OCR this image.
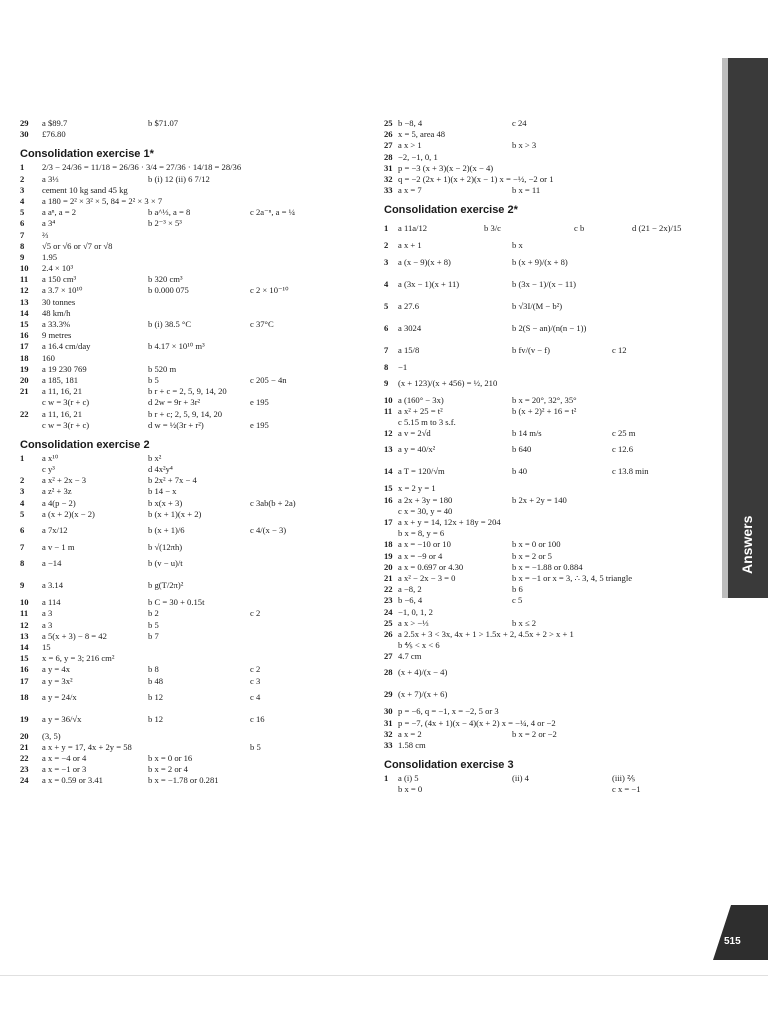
29	a $89.7	b $71.07
30	£76.80
Consolidation exercise 1*
1	2/3 − 24/36 = 11/18 = 26/36 · 3/4 = 27/36 · 14/18 = 28/36
2	a 3⅓	b (i) 12 (ii) 6 7/12
3	cement 10 kg sand 45 kg
4	a 180 = 2² × 3² × 5, 84 = 2² × 3 × 7
5	a aⁿ, a = 2	b a^⅓, a = 8	c 2a⁻ⁿ, a = ¼
6	a 3⁴	b 2⁻³ × 5³
7	⅔
8	√5 or √6 or √7 or √8
9	1.95
10	2.4 × 10³
11	a 150 cm³	b 320 cm³
12	a 3.7 × 10¹⁰	b 0.000 075	c 2 × 10⁻¹⁰
13	30 tonnes
14	48 km/h
15	a 33.3%	b (i) 38.5 °C	c 37°C
16	9 metres
17	a 16.4 cm/day	b 4.17 × 10¹⁰ m³
18	160
19	a 19 230 769	b 520 m
20	a 185, 181	b 5	c 205 − 4n
21	a 11, 16, 21	b r + c = 2, 5, 9, 14, 20
c w = 3(r + c)	d 2w = 9r + 3r²	e 195
22	a 11, 16, 21	b r + c; 2, 5, 9, 14, 20
c w = 3(r + c)	d w = ½(3r + r²)	e 195
Consolidation exercise 2
1	a x¹⁰	b x²
c y³	d 4x²y⁴
2	a x² + 2x − 3	b 2x² + 7x − 4
3	a z² + 3z	b 14 − x
4	a 4(p − 2)	b x(x + 3)	c 3ab(b + 2a)
5	a (x + 2)(x − 2)	b (x + 1)(x + 2)
6	a 7x/12	b (x + 1)/6	c 4/(x − 3)
7	a v − 1 m	b √(12πh)
8	a −14	b (v − u)/t
9	a 3.14	b g(T/2π)²
10	a 114	b C = 30 + 0.15t
11	a 3	b 2	c 2
12	a 3	b 5
13	a 5(x + 3) − 8 = 42	b 7
14	15
15	x = 6, y = 3; 216 cm²
16	a y = 4x	b 8	c 2
17	a y = 3x²	b 48	c 3
18	a y = 24/x	b 12	c 4
19	a y = 36/√x	b 12	c 16
20	(3, 5)
21	a x + y = 17, 4x + 2y = 58	b 5
22	a x = −4 or 4	b x = 0 or 16
23	a x = −1 or 3	b x = 2 or 4
24	a x = 0.59 or 3.41	b x = −1.78 or 0.281
25 b −8, 4	c 24
26 x = 5, area 48
27 a x > 1	b x > 3
28 −2, −1, 0, 1
31 p = −3 (x + 3)(x − 2)(x − 4)
32 q = −2 (2x + 1)(x + 2)(x − 1) x = −½, −2 or 1
33 a x = 7	b x = 11
Consolidation exercise 2*
1	a 11a/12	b 3/c	c b	d (21 − 2x)/15
2	a x + 1	b x
3	a (x − 9)(x + 8)	b (x + 9)/(x + 8)
4	a (3x − 1)(x + 11)	b (3x − 1)/(x − 11)
5	a 27.6	b √3I/(M − b²)
6	a 3024	b 2(S − an)/(n(n − 1))
7	a 15/8	b fv/(v − f)	c 12
8	−1
9	(x + 123)/(x + 456) = ½, 210
10 a (160° − 3x)	b x = 20°, 32°, 35°
11 a x² + 25 = t²	b (x + 2)² + 16 = t²
c 5.15 m to 3 s.f.
12 a v = 2√d	b 14 m/s	c 25 m
13 a y = 40/x²	b 640	c 12.6
14 a T = 120/√m	b 40	c 13.8 min
15 x = 2 y = 1
16 a 2x + 3y = 180	b 2x + 2y = 140
c x = 30, y = 40
17 a x + y = 14, 12x + 18y = 204
b x = 8, y = 6
18 a x = −10 or 10	b x = 0 or 100
19 a x = −9 or 4	b x = 2 or 5
20 a x = 0.697 or 4.30	b x = −1.88 or 0.884
21 a x² − 2x − 3 = 0	b x = −1 or x = 3, ∴ 3, 4, 5 triangle
22 a −8, 2	b 6
23 b −6, 4	c 5
24 −1, 0, 1, 2
25 a x > −⅓	b x ≤ 2
26 a 2.5x + 3 < 3x, 4x + 1 > 1.5x + 2, 4.5x + 2 > x + 1
b ⅘ < x < 6
27 4.7 cm
28 (x + 4)/(x − 4)
29 (x + 7)/(x + 6)
30 p = −6, q = −1, x = −2, 5 or 3
31 p = −7, (4x + 1)(x − 4)(x + 2) x = −¼, 4 or −2
32 a x = 2	b x = 2 or −2
33 1.58 cm
Consolidation exercise 3
1	a (i) 5	(ii) 4	(iii) ⅖
b x = 0	c x = −1
Answers
515
